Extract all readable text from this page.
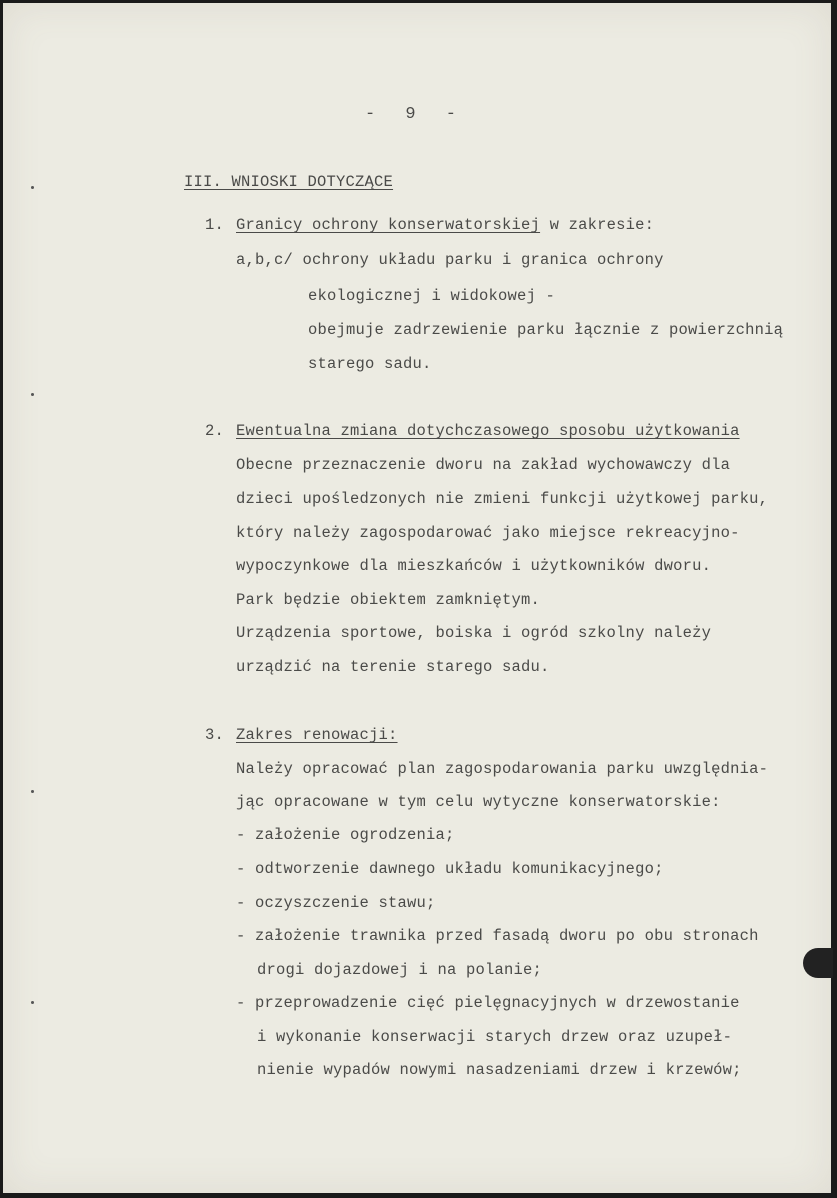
- 9 -
III. WNIOSKI DOTYCZĄCE
1. Granicy ochrony konserwatorskiej w zakresie:
a,b,c/ ochrony układu parku i granica ochrony
ekologicznej i widokowej -
obejmuje zadrzewienie parku łącznie z powierzchnią
starego sadu.
2. Ewentualna zmiana dotychczasowego sposobu użytkowania
Obecne przeznaczenie dworu na zakład wychowawczy dla
dzieci upośledzonych nie zmieni funkcji użytkowej parku,
który należy zagospodarować jako miejsce rekreacyjno-
wypoczynkowe dla mieszkańców i użytkowników dworu.
Park będzie obiektem zamkniętym.
Urządzenia sportowe, boiska i ogród szkolny należy
urządzić na terenie starego sadu.
3. Zakres renowacji:
Należy opracować plan zagospodarowania parku uwzględnia-
jąc opracowane w tym celu wytyczne konserwatorskie:
- założenie ogrodzenia;
- odtworzenie dawnego układu komunikacyjnego;
- oczyszczenie stawu;
- założenie trawnika przed fasadą dworu po obu stronach
drogi dojazdowej i na polanie;
- przeprowadzenie cięć pielęgnacyjnych w drzewostanie
i wykonanie konserwacji starych drzew oraz uzupeł-
nienie wypadów nowymi nasadzeniami drzew i krzewów;
